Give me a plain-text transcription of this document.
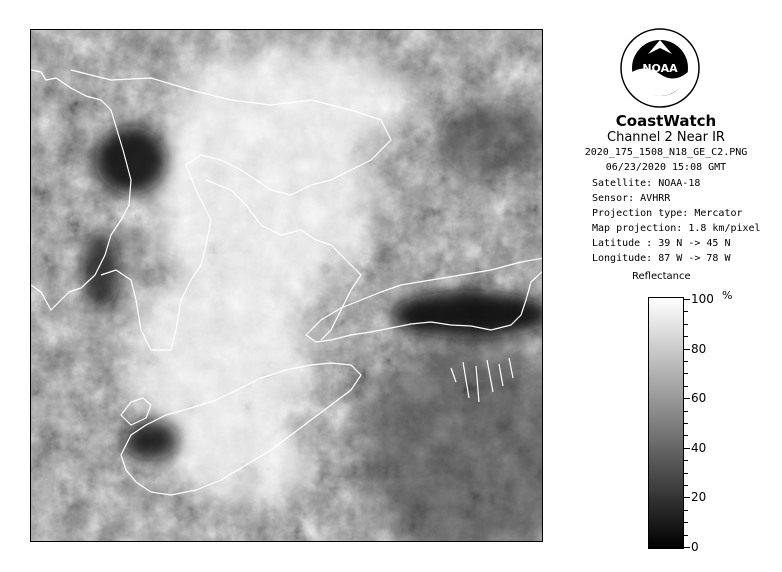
NOAA
CoastWatch
Channel 2 Near IR
2020_175_1508_N18_GE_C2.PNG
06/23/2020 15:08 GMT
Satellite: NOAA-18
Sensor: AVHRR
Projection type: Mercator
Map projection: 1.8 km/pixel
Latitude : 39 N -> 45 N
Longitude: 87 W -> 78 W
Reflectance
%
100
80
60
40
20
0
